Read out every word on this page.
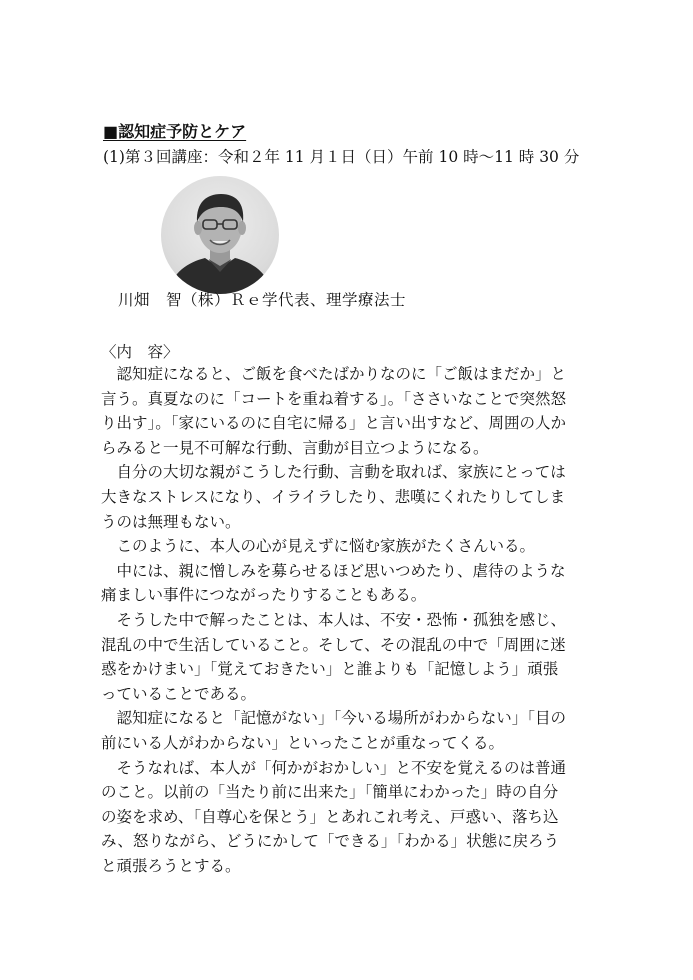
■認知症予防とケア
(1)第３回講座：令和２年 11 月１日（日）午前 10 時～11 時 30 分
川畑　智（株）Ｒｅ学代表、理学療法士
〈内　容〉
　認知症になると、ご飯を食べたばかりなのに「ご飯はまだか」と
言う。真夏なのに「コートを重ね着する」。「ささいなことで突然怒
り出す」。「家にいるのに自宅に帰る」と言い出すなど、周囲の人か
らみると一見不可解な行動、言動が目立つようになる。
　自分の大切な親がこうした行動、言動を取れば、家族にとっては
大きなストレスになり、イライラしたり、悲嘆にくれたりしてしま
うのは無理もない。
　このように、本人の心が見えずに悩む家族がたくさんいる。
　中には、親に憎しみを募らせるほど思いつめたり、虐待のような
痛ましい事件につながったりすることもある。
　そうした中で解ったことは、本人は、不安・恐怖・孤独を感じ、
混乱の中で生活していること。そして、その混乱の中で「周囲に迷
惑をかけまい」「覚えておきたい」と誰よりも「記憶しよう」頑張
っていることである。
　認知症になると「記憶がない」「今いる場所がわからない」「目の
前にいる人がわからない」といったことが重なってくる。
　そうなれば、本人が「何かがおかしい」と不安を覚えるのは普通
のこと。以前の「当たり前に出来た」「簡単にわかった」時の自分
の姿を求め、「自尊心を保とう」とあれこれ考え、戸惑い、落ち込
み、怒りながら、どうにかして「できる」「わかる」状態に戻ろう
と頑張ろうとする。
